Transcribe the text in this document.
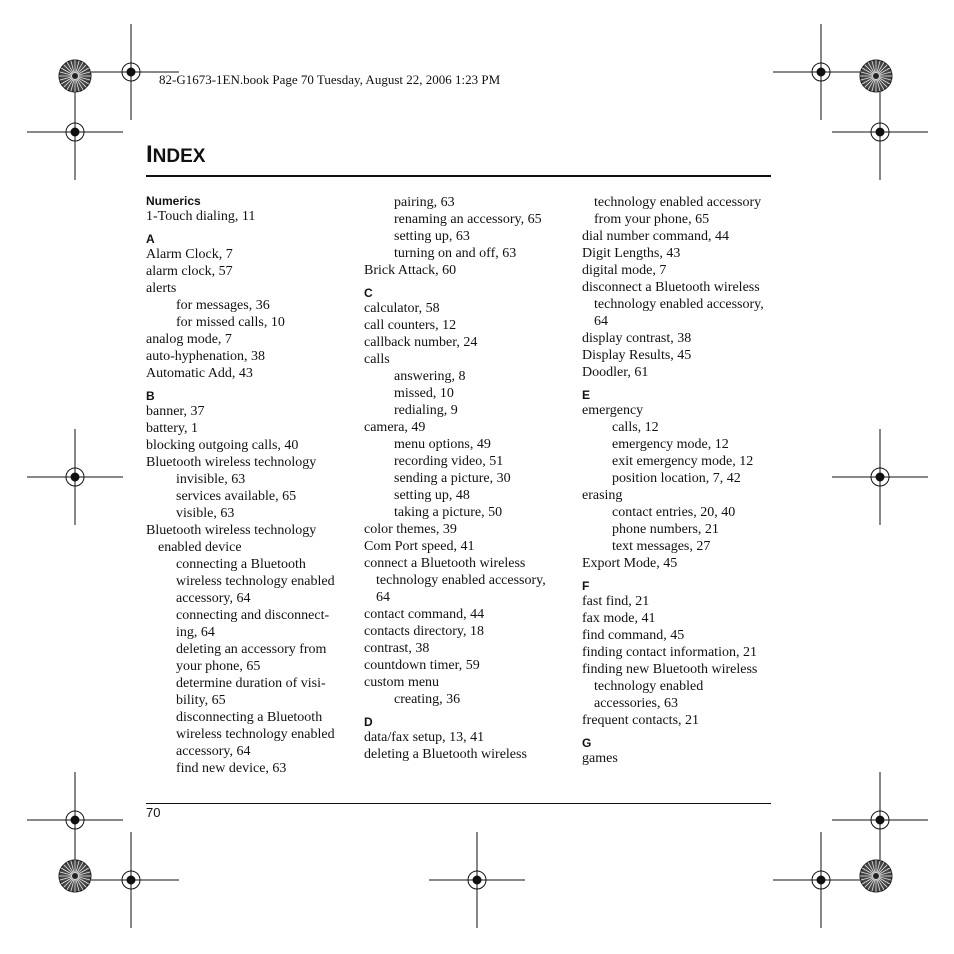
82-G1673-1EN.book Page 70 Tuesday, August 22, 2006 1:23 PM
INDEX
Numerics
1-Touch dialing, 11
A
Alarm Clock, 7
alarm clock, 57
alerts
for messages, 36
for missed calls, 10
analog mode, 7
auto-hyphenation, 38
Automatic Add, 43
B
banner, 37
battery, 1
blocking outgoing calls, 40
Bluetooth wireless technology
invisible, 63
services available, 65
visible, 63
Bluetooth wireless technology
enabled device
connecting a Bluetooth
wireless technology enabled
accessory, 64
connecting and disconnect-
ing, 64
deleting an accessory from
your phone, 65
determine duration of visi-
bility, 65
disconnecting a Bluetooth
wireless technology enabled
accessory, 64
find new device, 63
pairing, 63
renaming an accessory, 65
setting up, 63
turning on and off, 63
Brick Attack, 60
C
calculator, 58
call counters, 12
callback number, 24
calls
answering, 8
missed, 10
redialing, 9
camera, 49
menu options, 49
recording video, 51
sending a picture, 30
setting up, 48
taking a picture, 50
color themes, 39
Com Port speed, 41
connect a Bluetooth wireless
technology enabled accessory,
64
contact command, 44
contacts directory, 18
contrast, 38
countdown timer, 59
custom menu
creating, 36
D
data/fax setup, 13, 41
deleting a Bluetooth wireless
technology enabled accessory
from your phone, 65
dial number command, 44
Digit Lengths, 43
digital mode, 7
disconnect a Bluetooth wireless
technology enabled accessory,
64
display contrast, 38
Display Results, 45
Doodler, 61
E
emergency
calls, 12
emergency mode, 12
exit emergency mode, 12
position location, 7, 42
erasing
contact entries, 20, 40
phone numbers, 21
text messages, 27
Export Mode, 45
F
fast find, 21
fax mode, 41
find command, 45
finding contact information, 21
finding new Bluetooth wireless
technology enabled
accessories, 63
frequent contacts, 21
G
games
70
